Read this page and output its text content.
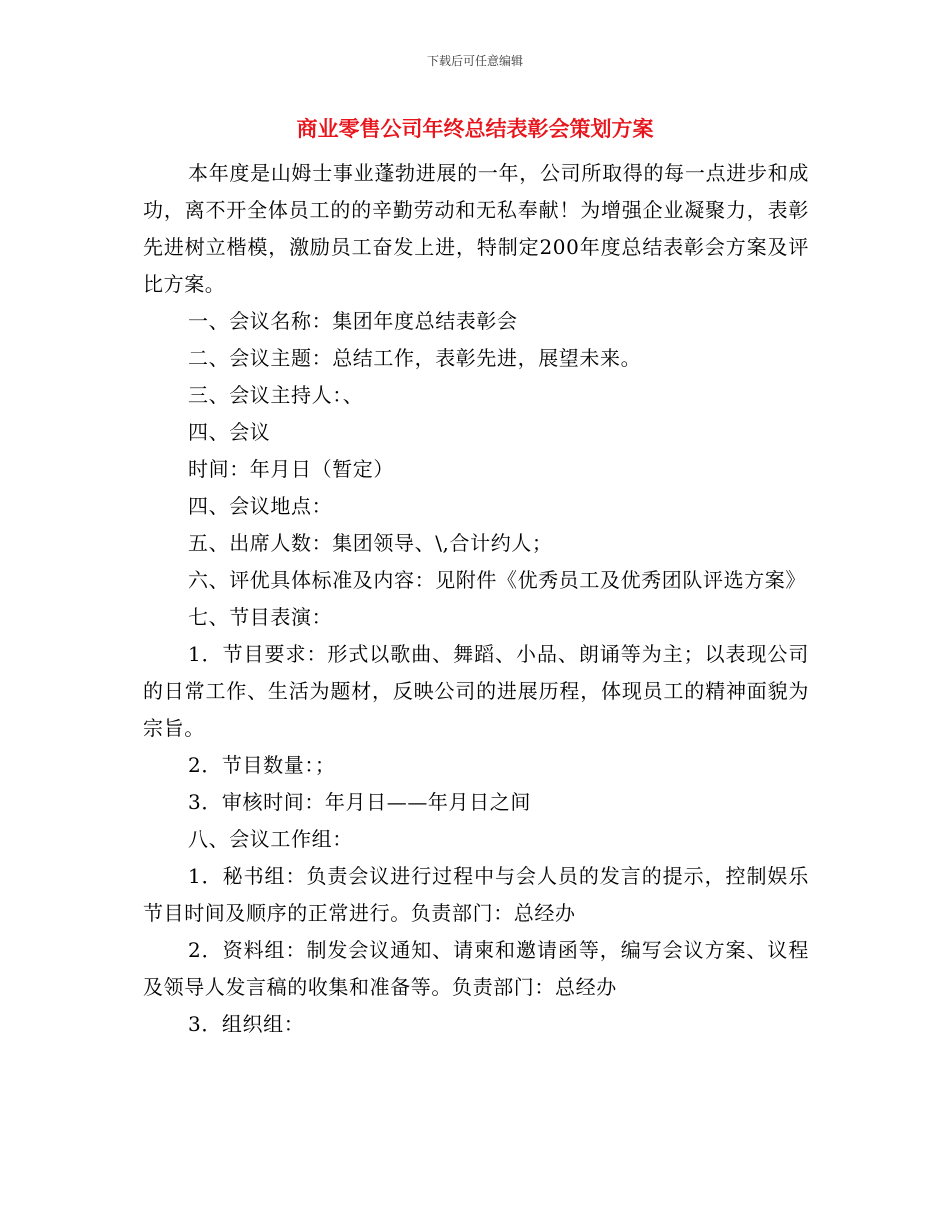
下载后可任意编辑
商业零售公司年终总结表彰会策划方案

本年度是山姆士事业蓬勃进展的一年，公司所取得的每一点进步和成功，离不开全体员工的的辛勤劳动和无私奉献！为增强企业凝聚力，表彰先进树立楷模，激励员工奋发上进，特制定200年度总结表彰会方案及评比方案。

一、会议名称：集团年度总结表彰会

二、会议主题：总结工作，表彰先进，展望未来。

三、会议主持人：、

四、会议

时间：年月日（暂定）

四、会议地点：

五、出席人数：集团领导、\,合计约人；

六、评优具体标准及内容：见附件《优秀员工及优秀团队评选方案》

七、节目表演：

1．节目要求：形式以歌曲、舞蹈、小品、朗诵等为主；以表现公司的日常工作、生活为题材，反映公司的进展历程，体现员工的精神面貌为宗旨。

2．节目数量：；

3．审核时间：年月日——年月日之间

八、会议工作组：

1．秘书组：负责会议进行过程中与会人员的发言的提示，控制娱乐节目时间及顺序的正常进行。负责部门：总经办

2．资料组：制发会议通知、请柬和邀请函等，编写会议方案、议程及领导人发言稿的收集和准备等。负责部门：总经办

3．组织组：
